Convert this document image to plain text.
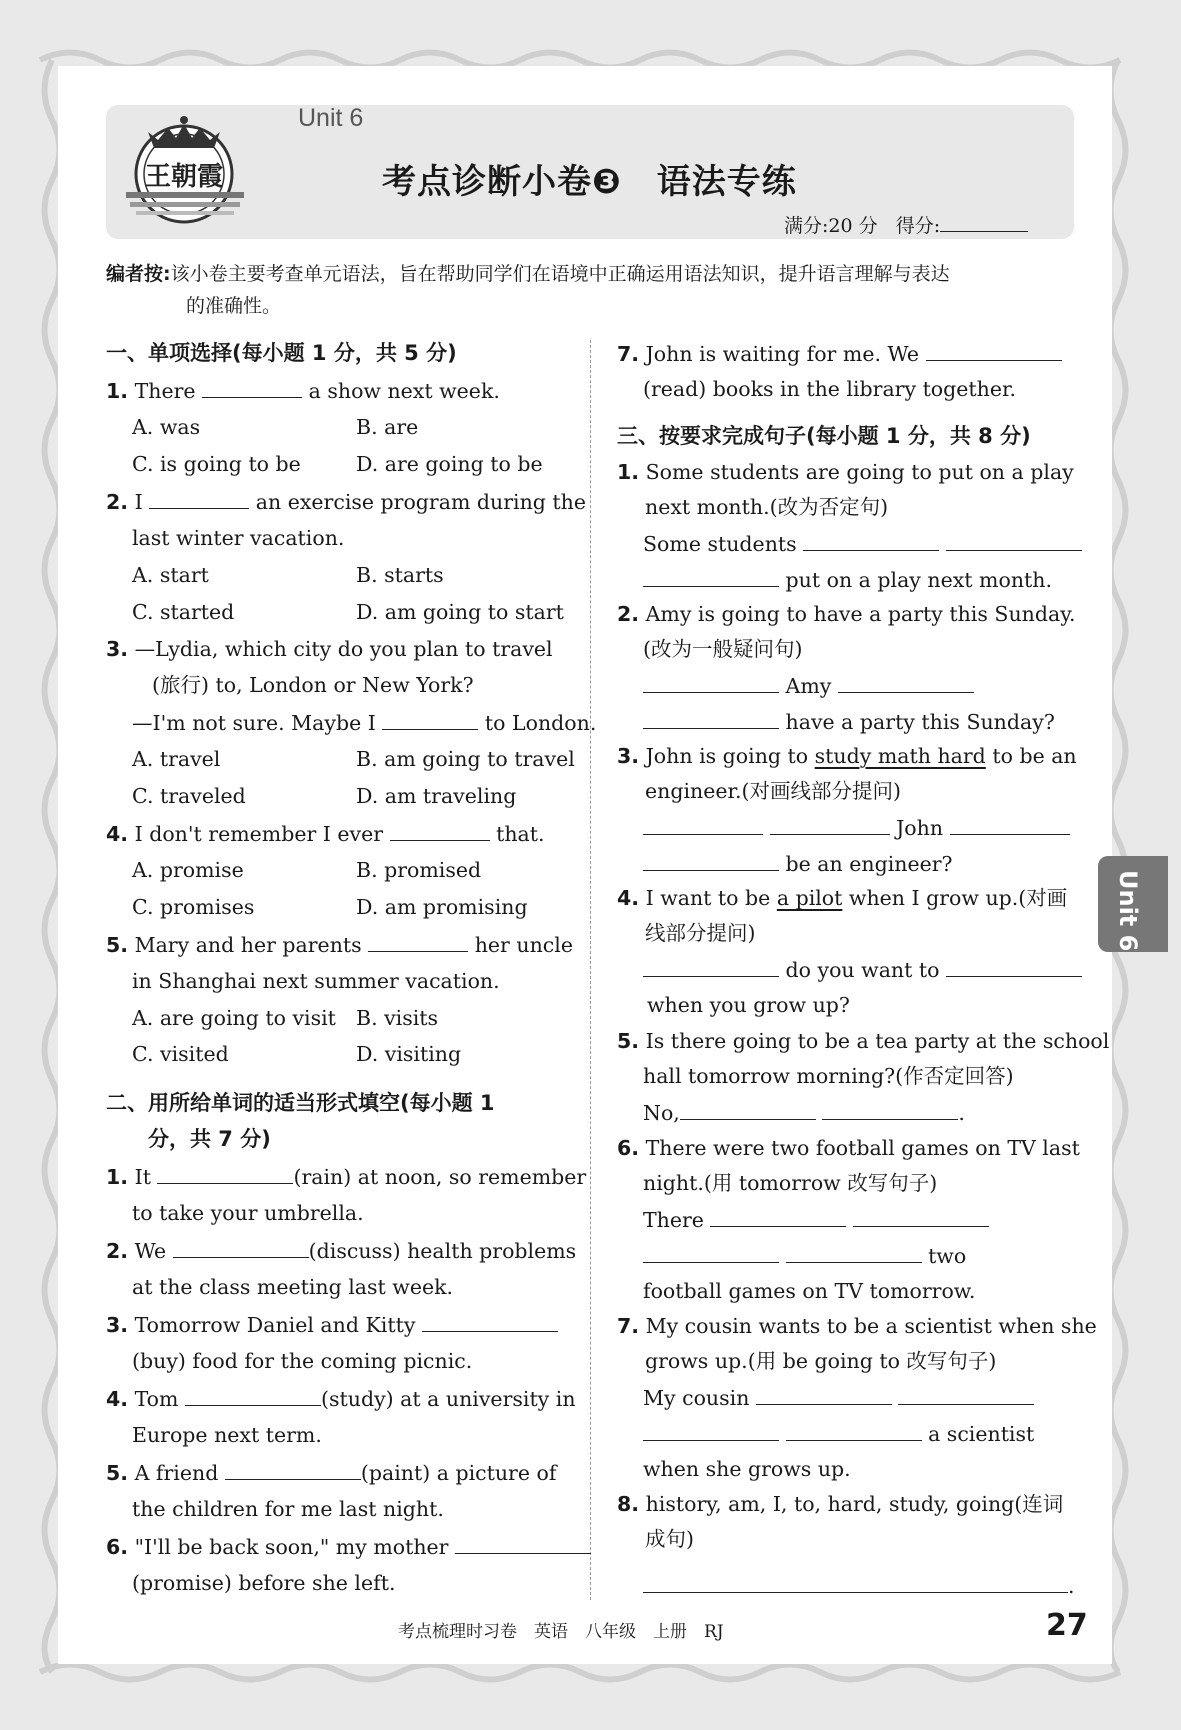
王朝霞
Unit 6
考点诊断小卷❸　语法专练
满分:20 分 得分:
编者按:该小卷主要考查单元语法，旨在帮助同学们在语境中正确运用语法知识，提升语言理解与表达
的准确性。
一、单项选择(每小题 1 分，共 5 分)
1. There	a show next week.
A. was	B. are
C. is going to be	D. are going to be
2. I	an exercise program during the
last winter vacation.
A. start	B. starts
C. started	D. am going to start
3. —Lydia, which city do you plan to travel
(旅行) to, London or New York?
—I'm not sure. Maybe I	to London.
A. travel	B. am going to travel
C. traveled	D. am traveling
4. I don't remember I ever	that.
A. promise	B. promised
C. promises	D. am promising
5. Mary and her parents	her uncle
in Shanghai next summer vacation.
A. are going to visit B. visits
C. visited	D. visiting
二、用所给单词的适当形式填空(每小题 1
分，共 7 分)
1. It	(rain) at noon, so remember
to take your umbrella.
2. We	(discuss) health problems
at the class meeting last week.
3. Tomorrow Daniel and Kitty
(buy) food for the coming picnic.
4. Tom	(study) at a university in
Europe next term.
5. A friend	(paint) a picture of
the children for me last night.
6. "I'll be back soon," my mother
(promise) before she left.
7. John is waiting for me. We
(read) books in the library together.
三、按要求完成句子(每小题 1 分，共 8 分)
1. Some students are going to put on a play
next month.(改为否定句)
Some students
put on a play next month.
2. Amy is going to have a party this Sunday.
(改为一般疑问句)
Amy
have a party this Sunday?
3. John is going to study math hard to be an
engineer.(对画线部分提问)
John
be an engineer?
4. I want to be a pilot when I grow up.(对画
线部分提问)
do you want to
when you grow up?
5. Is there going to be a tea party at the school
hall tomorrow morning?(作否定回答)
No,	.
6. There were two football games on TV last
night.(用 tomorrow 改写句子)
There
two
football games on TV tomorrow.
7. My cousin wants to be a scientist when she
grows up.(用 be going to 改写句子)
My cousin
a scientist
when she grows up.
8. history, am, I, to, hard, study, going(连词
成句)
.
Unit 6
考点梳理时习卷　英语　八年级　上册　RJ	27
